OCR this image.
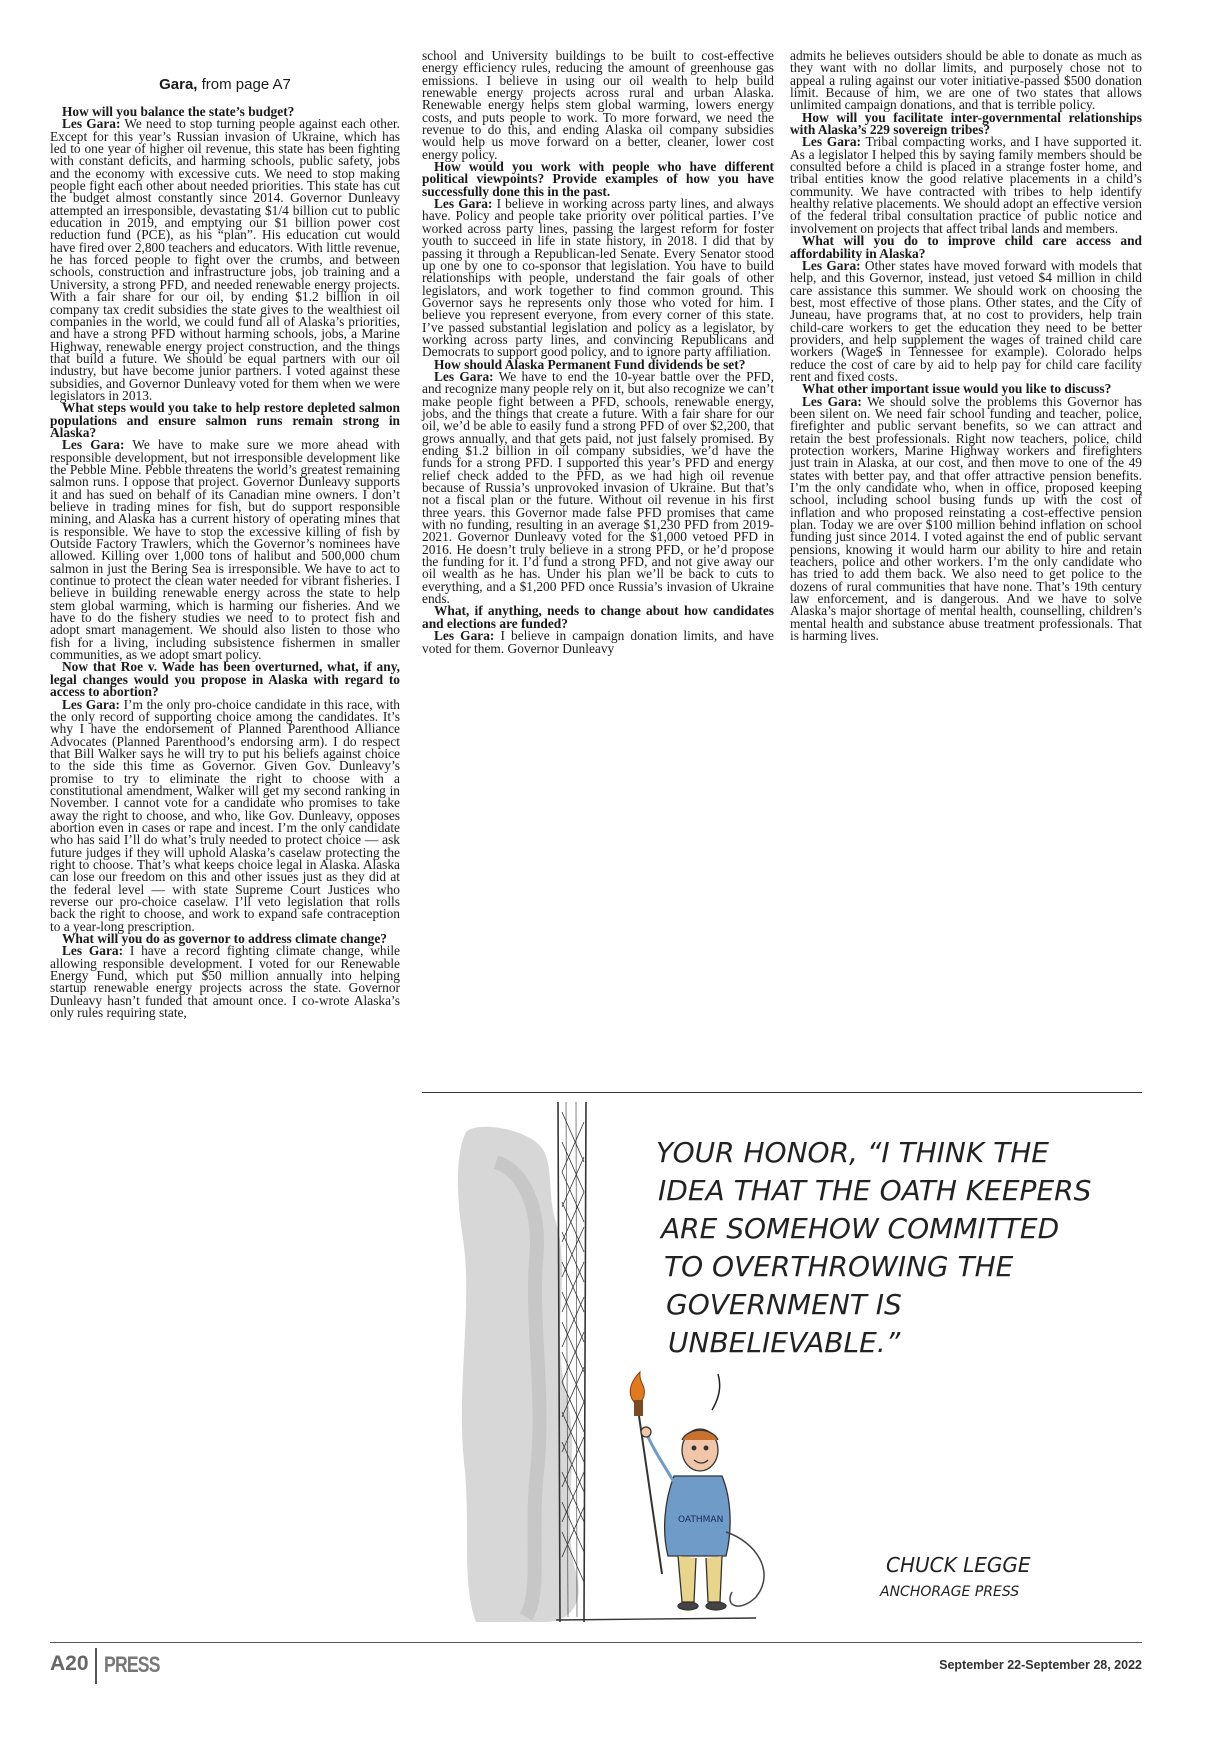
Gara, from page A7

How will you balance the state’s budget?

Les Gara: We need to stop turning people against each other. Except for this year’s Russian invasion of Ukraine, which has led to one year of higher oil revenue, this state has been fighting with constant deficits, and harming schools, public safety, jobs and the economy with excessive cuts. We need to stop making people fight each other about needed priorities. This state has cut the budget almost constantly since 2014. Governor Dunleavy attempted an irresponsible, devastating $1/4 billion cut to public education in 2019, and emptying our $1 billion power cost reduction fund (PCE), as his “plan”. His education cut would have fired over 2,800 teachers and educators. With little revenue, he has forced people to fight over the crumbs, and between schools, construction and infrastructure jobs, job training and a University, a strong PFD, and needed renewable energy projects. With a fair share for our oil, by ending $1.2 billion in oil company tax credit subsidies the state gives to the wealthiest oil companies in the world, we could fund all of Alaska’s priorities, and have a strong PFD without harming schools, jobs, a Marine Highway, renewable energy project construction, and the things that build a future. We should be equal partners with our oil industry, but have become junior partners. I voted against these subsidies, and Governor Dunleavy voted for them when we were legislators in 2013.

What steps would you take to help restore depleted salmon populations and ensure salmon runs remain strong in Alaska?

Les Gara: We have to make sure we more ahead with responsible development, but not irresponsible development like the Pebble Mine. Pebble threatens the world’s greatest remaining salmon runs. I oppose that project. Governor Dunleavy supports it and has sued on behalf of its Canadian mine owners. I don’t believe in trading mines for fish, but do support responsible mining, and Alaska has a current history of operating mines that is responsible. We have to stop the excessive killing of fish by Outside Factory Trawlers, which the Governor’s nominees have allowed. Killing over 1,000 tons of halibut and 500,000 chum salmon in just the Bering Sea is irresponsible. We have to act to continue to protect the clean water needed for vibrant fisheries. I believe in building renewable energy across the state to help stem global warming, which is harming our fisheries. And we have to do the fishery studies we need to to protect fish and adopt smart management. We should also listen to those who fish for a living, including subsistence fishermen in smaller communities, as we adopt smart policy.

Now that Roe v. Wade has been overturned, what, if any, legal changes would you propose in Alaska with regard to access to abortion?

Les Gara: I’m the only pro-choice candidate in this race, with the only record of supporting choice among the candidates. It’s why I have the endorsement of Planned Parenthood Alliance Advocates (Planned Parenthood’s endorsing arm). I do respect that Bill Walker says he will try to put his beliefs against choice to the side this time as Governor. Given Gov. Dunleavy’s promise to try to eliminate the right to choose with a constitutional amendment, Walker will get my second ranking in November. I cannot vote for a candidate who promises to take away the right to choose, and who, like Gov. Dunleavy, opposes abortion even in cases or rape and incest. I’m the only candidate who has said I’ll do what’s truly needed to protect choice — ask future judges if they will uphold Alaska’s caselaw protecting the right to choose. That’s what keeps choice legal in Alaska. Alaska can lose our freedom on this and other issues just as they did at the federal level — with state Supreme Court Justices who reverse our pro-choice caselaw. I’ll veto legislation that rolls back the right to choose, and work to expand safe contraception to a year-long prescription.

What will you do as governor to address climate change?

Les Gara: I have a record fighting climate change, while allowing responsible development. I voted for our Renewable Energy Fund, which put $50 million annually into helping startup renewable energy projects across the state. Governor Dunleavy hasn’t funded that amount once. I co-wrote Alaska’s only rules requiring state,

school and University buildings to be built to cost-effective energy efficiency rules, reducing the amount of greenhouse gas emissions. I believe in using our oil wealth to help build renewable energy projects across rural and urban Alaska. Renewable energy helps stem global warming, lowers energy costs, and puts people to work. To more forward, we need the revenue to do this, and ending Alaska oil company subsidies would help us move forward on a better, cleaner, lower cost energy policy.

How would you work with people who have different political viewpoints? Provide examples of how you have successfully done this in the past.

Les Gara: I believe in working across party lines, and always have. Policy and people take priority over political parties. I’ve worked across party lines, passing the largest reform for foster youth to succeed in life in state history, in 2018. I did that by passing it through a Republican-led Senate. Every Senator stood up one by one to co-sponsor that legislation. You have to build relationships with people, understand the fair goals of other legislators, and work together to find common ground. This Governor says he represents only those who voted for him. I believe you represent everyone, from every corner of this state. I’ve passed substantial legislation and policy as a legislator, by working across party lines, and convincing Republicans and Democrats to support good policy, and to ignore party affiliation.

How should Alaska Permanent Fund dividends be set?

Les Gara: We have to end the 10-year battle over the PFD, and recognize many people rely on it, but also recognize we can’t make people fight between a PFD, schools, renewable energy, jobs, and the things that create a future. With a fair share for our oil, we’d be able to easily fund a strong PFD of over $2,200, that grows annually, and that gets paid, not just falsely promised. By ending $1.2 billion in oil company subsidies, we’d have the funds for a strong PFD. I supported this year’s PFD and energy relief check added to the PFD, as we had high oil revenue because of Russia’s unprovoked invasion of Ukraine. But that’s not a fiscal plan or the future. Without oil revenue in his first three years. this Governor made false PFD promises that came with no funding, resulting in an average $1,230 PFD from 2019-2021. Governor Dunleavy voted for the $1,000 vetoed PFD in 2016. He doesn’t truly believe in a strong PFD, or he’d propose the funding for it. I’d fund a strong PFD, and not give away our oil wealth as he has. Under his plan we’ll be back to cuts to everything, and a $1,200 PFD once Russia’s invasion of Ukraine ends.

What, if anything, needs to change about how candidates and elections are funded?

Les Gara: I believe in campaign donation limits, and have voted for them. Governor Dunleavy

admits he believes outsiders should be able to donate as much as they want with no dollar limits, and purposely chose not to appeal a ruling against our voter initiative-passed $500 donation limit. Because of him, we are one of two states that allows unlimited campaign donations, and that is terrible policy.

How will you facilitate inter-governmental relationships with Alaska’s 229 sovereign tribes?

Les Gara: Tribal compacting works, and I have supported it. As a legislator I helped this by saying family members should be consulted before a child is placed in a strange foster home, and tribal entities know the good relative placements in a child’s community. We have contracted with tribes to help identify healthy relative placements. We should adopt an effective version of the federal tribal consultation practice of public notice and involvement on projects that affect tribal lands and members.

What will you do to improve child care access and affordability in Alaska?

Les Gara: Other states have moved forward with models that help, and this Governor, instead, just vetoed $4 million in child care assistance this summer. We should work on choosing the best, most effective of those plans. Other states, and the City of Juneau, have programs that, at no cost to providers, help train child-care workers to get the education they need to be better providers, and help supplement the wages of trained child care workers (Wage$ in Tennessee for example). Colorado helps reduce the cost of care by aid to help pay for child care facility rent and fixed costs.

What other important issue would you like to discuss?

Les Gara: We should solve the problems this Governor has been silent on. We need fair school funding and teacher, police, firefighter and public servant benefits, so we can attract and retain the best professionals. Right now teachers, police, child protection workers, Marine Highway workers and firefighters just train in Alaska, at our cost, and then move to one of the 49 states with better pay, and that offer attractive pension benefits. I’m the only candidate who, when in office, proposed keeping school, including school busing funds up with the cost of inflation and who proposed reinstating a cost-effective pension plan. Today we are over $100 million behind inflation on school funding just since 2014. I voted against the end of public servant pensions, knowing it would harm our ability to hire and retain teachers, police and other workers. I’m the only candidate who has tried to add them back. We also need to get police to the dozens of rural communities that have none. That’s 19th century law enforcement, and is dangerous. And we have to solve Alaska’s major shortage of mental health, counselling, children’s mental health and substance abuse treatment professionals. That is harming lives.

YOUR HONOR, “I THINK THE
IDEA THAT THE OATH KEEPERS
ARE SOMEHOW COMMITTED
TO OVERTHROWING THE
GOVERNMENT IS
UNBELIEVABLE.”
OATHMAN
CHUCK LEGGE
ANCHORAGE PRESS
A20 PRESS	September 22-September 28, 2022
